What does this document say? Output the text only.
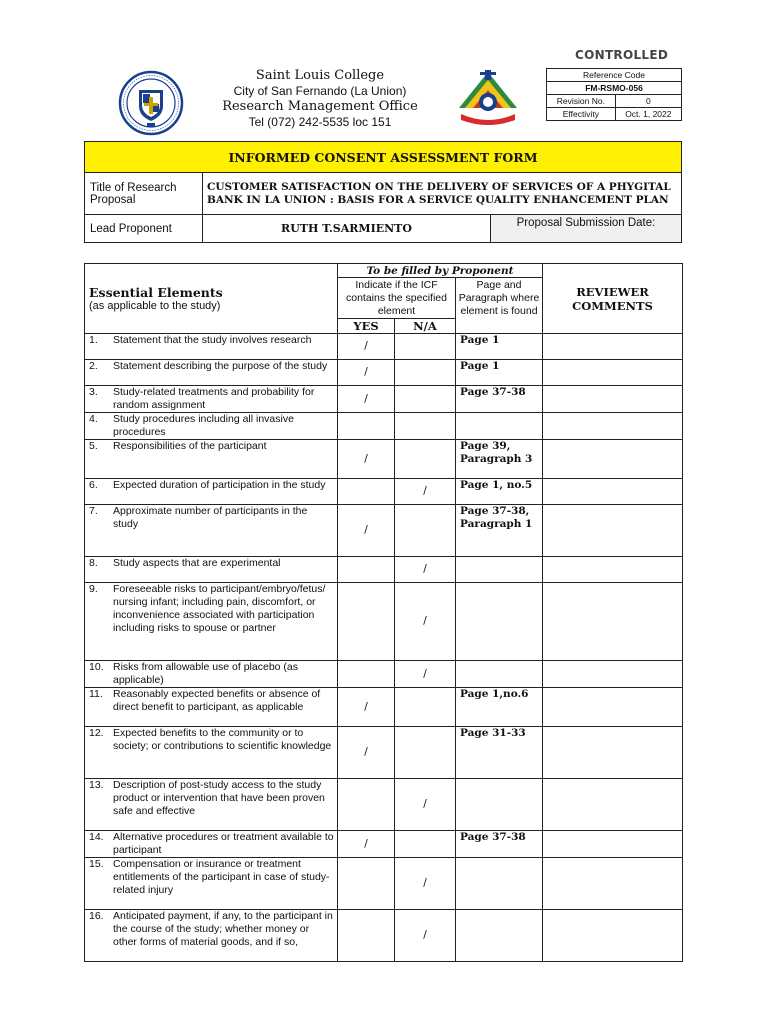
CONTROLLED
Saint Louis College
City of San Fernando (La Union)
Research Management Office
Tel (072) 242-5535 loc 151
Reference Code	
FM-RSMO-056	
Revision No.	0
Effectivity	Oct. 1, 2022
INFORMED CONSENT ASSESSMENT FORM
Title of Research Proposal	CUSTOMER SATISFACTION ON THE DELIVERY OF SERVICES OF A PHYGITAL BANK IN LA UNION : BASIS FOR A SERVICE QUALITY ENHANCEMENT PLAN	
Lead Proponent	RUTH T.SARMIENTO	Proposal Submission Date:
Essential Elements
(as applicable to the study)	To be filled by Proponent			REVIEWER COMMENTS
	Indicate if the ICF contains the specified element		Page and Paragraph where element is found	
	YES	N/A		

1. Statement that the study involves research	/		Page 1	

2. Statement describing the purpose of the study	/		Page 1	

3. Study-related treatments and probability for random assignment	/		Page 37-38	

4. Study procedures including all invasive procedures				

5. Responsibilities of the participant	/		Page 39, Paragraph 3	

6. Expected duration of participation in the study		/	Page 1, no.5	

7. Approximate number of participants in the study	/		Page 37-38, Paragraph 1	

8. Study aspects that are experimental		/		

9. Foreseeable risks to participant/embryo/fetus/ nursing infant; including pain, discomfort, or inconvenience associated with participation including risks to spouse or partner		/		

10. Risks from allowable use of placebo (as applicable)		/		

11. Reasonably expected benefits or absence of direct benefit to participant, as applicable	/		Page 1,no.6	

12. Expected benefits to the community or to society; or contributions to scientific knowledge	/		Page 31-33	

13. Description of post-study access to the study product or intervention that have been proven safe and effective		/		

14. Alternative procedures or treatment available to participant	/		Page 37-38	

15. Compensation or insurance or treatment entitlements of the participant in case of study-related injury		/		

16. Anticipated payment, if any, to the participant in the course of the study; whether money or other forms of material goods, and if so,		/		
